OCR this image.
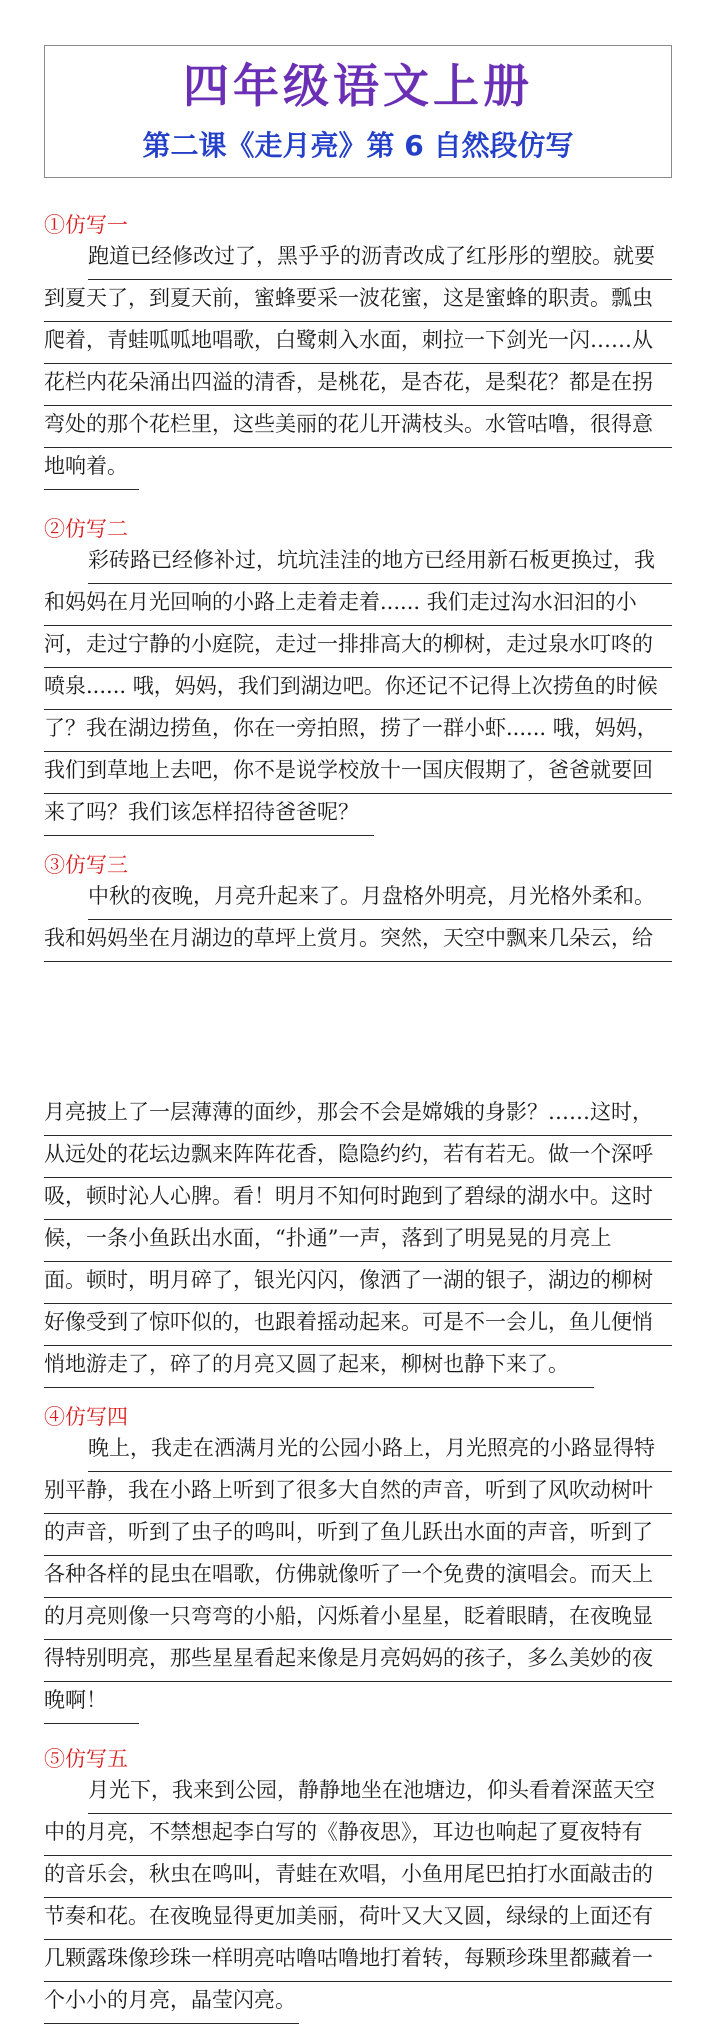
四年级语文上册
第二课《走月亮》第 6 自然段仿写
①仿写一
跑道已经修改过了，黑乎乎的沥青改成了红彤彤的塑胶。就要
到夏天了，到夏天前，蜜蜂要采一波花蜜，这是蜜蜂的职责。瓢虫
爬着，青蛙呱呱地唱歌，白鹭刺入水面，刺拉一下剑光一闪……从
花栏内花朵涌出四溢的清香，是桃花，是杏花，是梨花？都是在拐
弯处的那个花栏里，这些美丽的花儿开满枝头。水管咕噜，很得意
地响着。
②仿写二
彩砖路已经修补过，坑坑洼洼的地方已经用新石板更换过，我
和妈妈在月光回响的小路上走着走着...... 我们走过沟水汩汩的小
河，走过宁静的小庭院，走过一排排高大的柳树，走过泉水叮咚的
喷泉...... 哦，妈妈，我们到湖边吧。你还记不记得上次捞鱼的时候
了？我在湖边捞鱼，你在一旁拍照，捞了一群小虾...... 哦，妈妈，
我们到草地上去吧，你不是说学校放十一国庆假期了，爸爸就要回
来了吗？我们该怎样招待爸爸呢？
③仿写三
中秋的夜晚，月亮升起来了。月盘格外明亮，月光格外柔和。
我和妈妈坐在月湖边的草坪上赏月。突然，天空中飘来几朵云，给
月亮披上了一层薄薄的面纱，那会不会是嫦娥的身影？……这时，
从远处的花坛边飘来阵阵花香，隐隐约约，若有若无。做一个深呼
吸，顿时沁人心脾。看！明月不知何时跑到了碧绿的湖水中。这时
候，一条小鱼跃出水面，“扑通”一声，落到了明晃晃的月亮上
面。顿时，明月碎了，银光闪闪，像洒了一湖的银子，湖边的柳树
好像受到了惊吓似的，也跟着摇动起来。可是不一会儿，鱼儿便悄
悄地游走了，碎了的月亮又圆了起来，柳树也静下来了。
④仿写四
晚上，我走在洒满月光的公园小路上，月光照亮的小路显得特
别平静，我在小路上听到了很多大自然的声音，听到了风吹动树叶
的声音，听到了虫子的鸣叫，听到了鱼儿跃出水面的声音，听到了
各种各样的昆虫在唱歌，仿佛就像听了一个免费的演唱会。而天上
的月亮则像一只弯弯的小船，闪烁着小星星，眨着眼睛，在夜晚显
得特别明亮，那些星星看起来像是月亮妈妈的孩子，多么美妙的夜
晚啊！
⑤仿写五
月光下，我来到公园，静静地坐在池塘边，仰头看着深蓝天空
中的月亮，不禁想起李白写的《静夜思》，耳边也响起了夏夜特有
的音乐会，秋虫在鸣叫，青蛙在欢唱，小鱼用尾巴拍打水面敲击的
节奏和花。在夜晚显得更加美丽，荷叶又大又圆，绿绿的上面还有
几颗露珠像珍珠一样明亮咕噜咕噜地打着转，每颗珍珠里都藏着一
个小小的月亮，晶莹闪亮。
